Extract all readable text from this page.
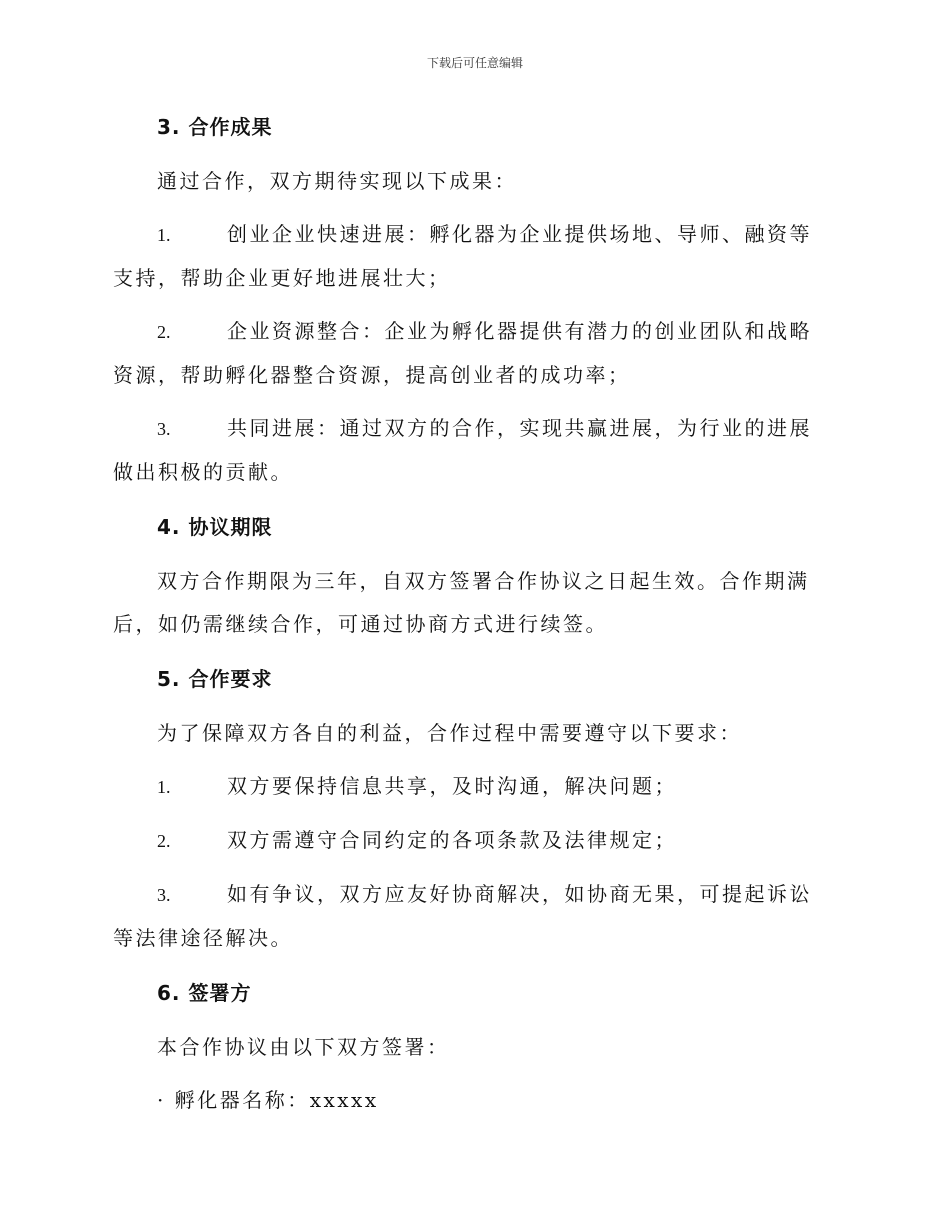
下载后可任意编辑
3. 合作成果

通过合作，双方期待实现以下成果：

1.	创业企业快速进展：孵化器为企业提供场地、导师、融资等支持，帮助企业更好地进展壮大；

2.	企业资源整合：企业为孵化器提供有潜力的创业团队和战略资源，帮助孵化器整合资源，提高创业者的成功率；

3.	共同进展：通过双方的合作，实现共赢进展，为行业的进展做出积极的贡献。

4. 协议期限

双方合作期限为三年，自双方签署合作协议之日起生效。合作期满后，如仍需继续合作，可通过协商方式进行续签。

5. 合作要求

为了保障双方各自的利益，合作过程中需要遵守以下要求：

1.	双方要保持信息共享，及时沟通，解决问题；

2.	双方需遵守合同约定的各项条款及法律规定；

3.	如有争议，双方应友好协商解决，如协商无果，可提起诉讼等法律途径解决。

6. 签署方

本合作协议由以下双方签署：

· 孵化器名称：xxxxx
